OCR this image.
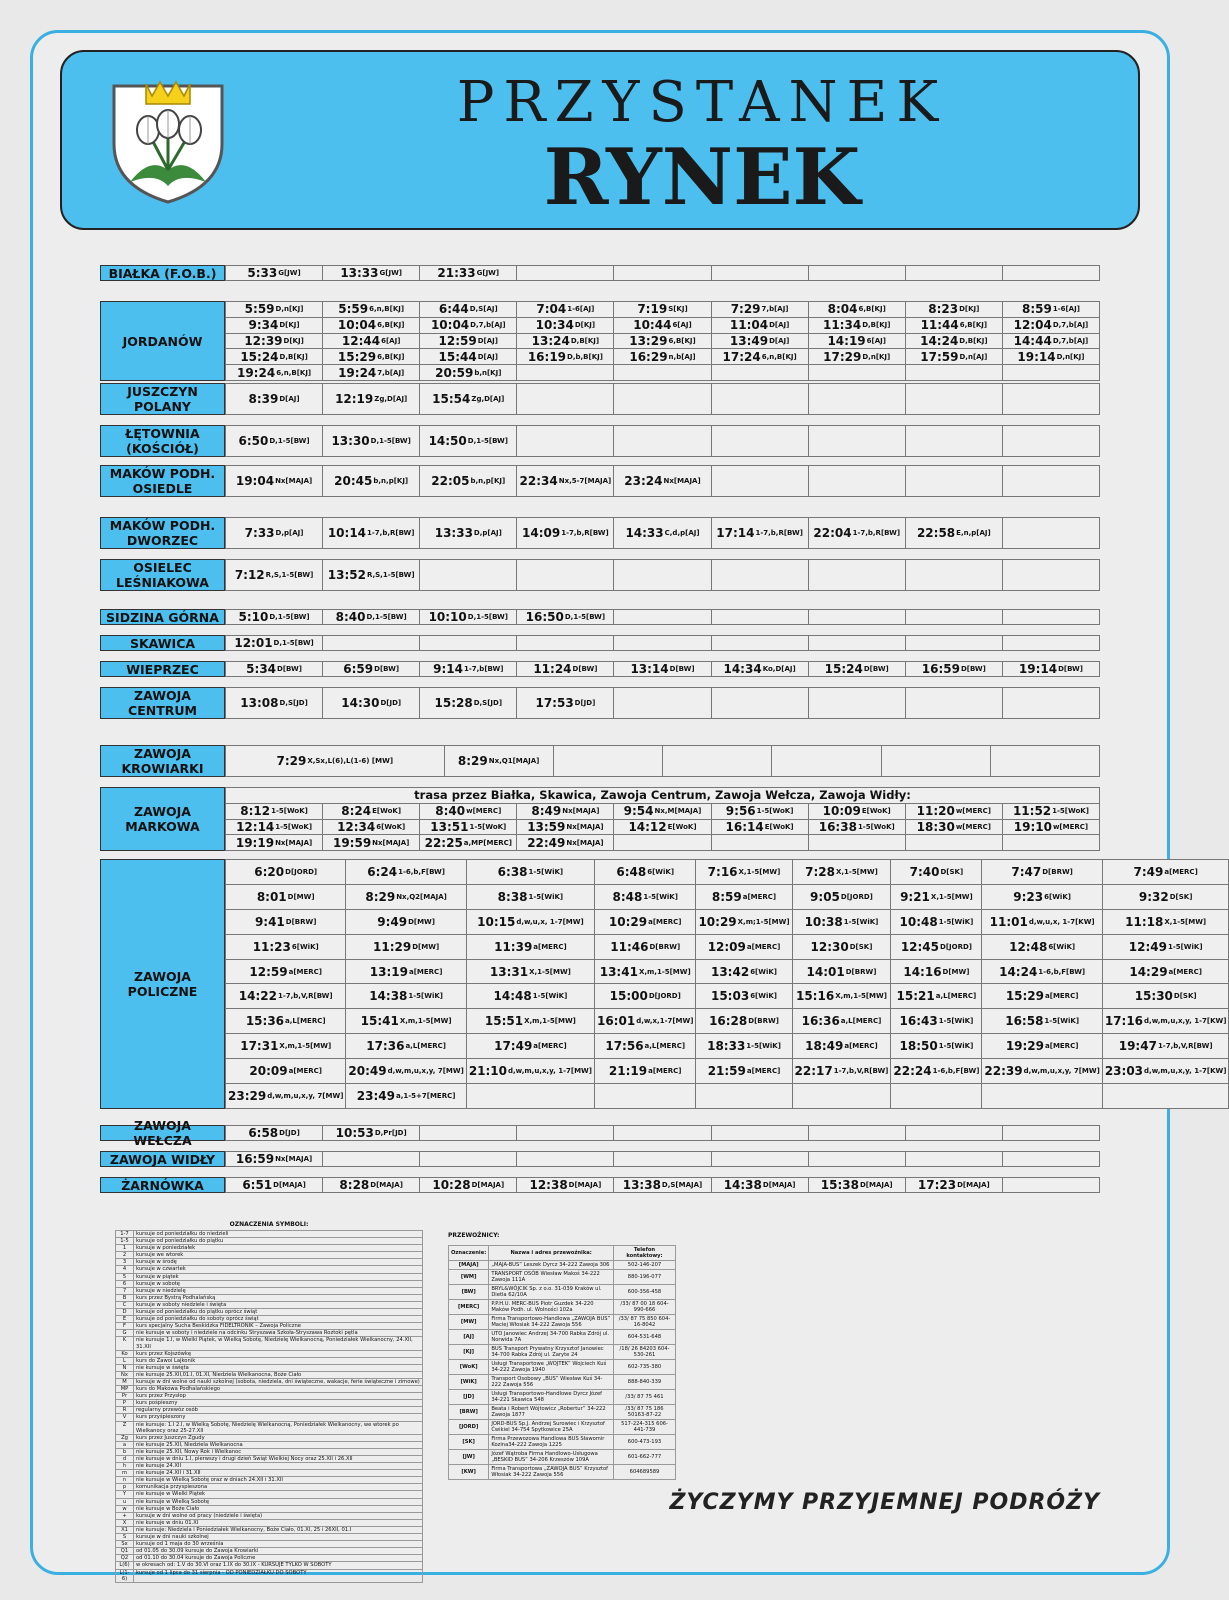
PRZYSTANEK
RYNEK
BIAŁKA (F.O.B.)	5:33 G[JW]	13:33 G[JW]	21:33 G[JW]
JORDANÓW
5:59 D,n[KJ]	5:59 6,n,B[KJ]	6:44 D,S[AJ]	7:04 1-6[AJ]	7:19 S[KJ]	7:29 7,b[AJ]	8:04 6,B[KJ]	8:23 D[KJ]	8:59 1-6[AJ]
9:34 D[KJ]	10:04 6,B[KJ] 10:04 D,7,b[AJ]	10:34 D[KJ]	10:44 6[AJ]	11:04 D[AJ]	11:34 D,B[KJ]	11:44 6,B[KJ] 12:04 D,7,b[AJ]
12:39 D[KJ]	12:44 6[AJ]	12:59 D[AJ]	13:24 D,B[KJ]	13:29 6,B[KJ]	13:49 D[AJ]	14:19 6[AJ]	14:24 D,B[KJ] 14:44 D,7,b[AJ]
15:24 D,B[KJ]	15:29 6,B[KJ]	15:44 D[AJ] 16:19 D,b,B[KJ] 16:29 n,b[AJ] 17:24 6,n,B[KJ] 17:29 D,n[KJ]	17:59 D,n[AJ]	19:14 D,n[KJ]
19:24 6,n,B[KJ] 19:24 7,b[AJ]	20:59 b,n[KJ]
JUSZCZYN POLANY	8:39 D[AJ]	12:19 Zg,D[AJ] 15:54 Zg,D[AJ]
ŁĘTOWNIA (KOŚCIÓŁ)	6:50 D,1-5[BW] 13:30 D,1-5[BW] 14:50 D,1-5[BW]
MAKÓW PODH. OSIEDLE	19:04 Nx[MAJA] 20:45 b,n,p[KJ] 22:05 b,n,p[KJ] 22:34 Nx,5-7[MAJA] 23:24 Nx[MAJA]
MAKÓW PODH. DWORZEC	7:33 D,p[AJ] 10:14 1-7,b,R[BW] 13:33 D,p[AJ] 14:09 1-7,b,R[BW] 14:33 C,d,p[AJ] 17:14 1-7,b,R[BW] 22:04 1-7,b,R[BW] 22:58 E,n,p[AJ]
OSIELEC LEŚNIAKOWA	7:12 R,S,1-5[BW] 13:52 R,S,1-5[BW]
SIDZINA GÓRNA	5:10 D,1-5[BW] 8:40 D,1-5[BW] 10:10 D,1-5[BW] 16:50 D,1-5[BW]
SKAWICA	12:01 D,1-5[BW]
WIEPRZEC	5:34 D[BW]	6:59 D[BW]	9:14 1-7,b[BW] 11:24 D[BW]	13:14 D[BW] 14:34 Ko,D[AJ] 15:24 D[BW]	16:59 D[BW]	19:14 D[BW]
ZAWOJA CENTRUM	13:08 D,S[JD]	14:30 D[JD]	15:28 D,S[JD]	17:53 D[JD]
ZAWOJA KROWIARKI	7:29 X,Sx,L(6),L(1-6) [MW]	8:29 Nx,Q1[MAJA]
ZAWOJA MARKOWA
trasa przez Białka, Skawica, Zawoja Centrum, Zawoja Wełcza, Zawoja Widły:
8:12 1-5[WoK]	8:24 E[WoK]	8:40 w[MERC]	8:49 Nx[MAJA] 9:54 Nx,M[MAJA] 9:56 1-5[WoK] 10:09 E[WoK] 11:20 w[MERC] 11:52 1-5[WoK]
12:14 1-5[WoK] 12:34 6[WoK] 13:51 1-5[WoK] 13:59 Nx[MAJA] 14:12 E[WoK] 16:14 E[WoK] 16:38 1-5[WoK] 18:30 w[MERC] 19:10 w[MERC]
19:19 Nx[MAJA] 19:59 Nx[MAJA] 22:25 a,MP[MERC] 22:49 Nx[MAJA]
ZAWOJA POLICZNE
6:20 D[JORD]	6:24 1-6,b,F[BW]	6:38 1-5[WiK]	6:48 6[WiK]	7:16 X,1-5[MW] 7:28 X,1-5[MW]	7:40 D[SK]	7:47 D[BRW]	7:49 a[MERC]
8:01 D[MW]	8:29 Nx,Q2[MAJA]	8:38 1-5[WiK]	8:48 1-5[WiK]	8:59 a[MERC]	9:05 D[JORD] 9:21 X,1-5[MW]	9:23 6[WiK]	9:32 D[SK]
9:41 D[BRW]	9:49 D[MW]	10:15 d,w,u,x, 1-7[MW] 10:29 a[MERC] 10:29 X,m;1-5[MW] 10:38 1-5[WiK] 10:48 1-5[WiK] 11:01 d,w,u,x, 1-7[KW]	11:18 X,1-5[MW]
11:23 6[WiK]	11:29 D[MW]	11:39 a[MERC]	11:46 D[BRW] 12:09 a[MERC]	12:30 D[SK] 12:45 D[JORD]	12:48 6[WiK]	12:49 1-5[WiK]
12:59 a[MERC]	13:19 a[MERC]	13:31 X,1-5[MW] 13:41 X,m,1-5[MW] 13:42 6[WiK] 14:01 D[BRW] 14:16 D[MW] 14:24 1-6,b,F[BW]	14:29 a[MERC]
14:22 1-7,b,V,R[BW]	14:38 1-5[WiK]	14:48 1-5[WiK]	15:00 D[JORD]	15:03 6[WiK] 15:16 X,m,1-5[MW] 15:21 a,L[MERC] 15:29 a[MERC]	15:30 D[SK]
15:36 a,L[MERC]	15:41 X,m,1-5[MW]	15:51 X,m,1-5[MW] 16:01 d,w,x,1-7[MW] 16:28 D[BRW] 16:36 a,L[MERC] 16:43 1-5[WiK]	16:58 1-5[WiK] 17:16 d,w,m,u,x,y, 1-7[KW]
17:31 X,m,1-5[MW]	17:36 a,L[MERC]	17:49 a[MERC]	17:56 a,L[MERC] 18:33 1-5[WiK] 18:49 a[MERC] 18:50 1-5[WiK]	19:29 a[MERC]	19:47 1-7,b,V,R[BW]
20:09 a[MERC] 20:49 d,w,m,u,x,y, 7[MW] 21:10 d,w,m,u,x,y, 1-7[MW] 21:19 a[MERC] 21:59 a[MERC] 22:17 1-7,b,V,R[BW] 22:24 1-6,b,F[BW] 22:39 d,w,m,u,x,y, 7[MW] 23:03 d,w,m,u,x,y, 1-7[KW]
23:29 d,w,m,u,x,y, 7[MW] 23:49 a,1-5+7[MERC]
ZAWOJA WEŁCZA	6:58 D[JD]	10:53 D,Pr[JD]
ZAWOJA WIDŁY	16:59 Nx[MAJA]
ŻARNÓWKA	6:51 D[MAJA]	8:28 D[MAJA] 10:28 D[MAJA] 12:38 D[MAJA] 13:38 D,S[MAJA] 14:38 D[MAJA] 15:38 D[MAJA] 17:23 D[MAJA]
OZNACZENIA SYMBOLI:
1-7	kursuje od poniedziałku do niedzieli
1-5	kursuje od poniedziałku do piątku
1	kursuje w poniedziałek
2	kursuje we wtorek
3	kursuje w środę
4	kursuje w czwartek
5	kursuje w piątek
6	kursuje w sobotę
7	kursuje w niedzielę
B	kurs przez Bystrą Podhalańską
C	kursuje w soboty niedziele i święta
D	kursuje od poniedziałku do piątku oprócz świąt
E	kursuje od poniedziałku do soboty oprócz świąt
F	kurs specjalny Sucha Beskidzka FIDELTRONIK – Zawoja Policzne
G	nie kursuje w soboty i niedziele na odcinku Stryszawa Szkoła-Stryszawa Roztoki pętla
K	nie kursuje 1.I, w Wielki Piątek, w Wielką Sobotę, Niedzielę Wielkanocną, Poniedziałek Wielkanocny, 24.XII, 31.XII
Ko	kurs przez Kojszówkę
L	kurs do Zawoi Lajkonik
N	nie kursuje w święta
Nx	nie kursuje 25.XII,01.I, 01.XI, Niedziela Wielkanocna, Boże Ciało
M	kursuje w dni wolne od nauki szkolnej (sobota, niedziela, dni świąteczne, wakacje, ferie świąteczne i zimowe)
MP	kurs do Makowa Podhalańskiego
Pr	kurs przez Przysłop
P	kurs pośpieszny
R	regularny przewóz osób
V	kurs przyśpieszony
Z	nie kursuje: 1.I 2.I, w Wielką Sobotę, Niedzielę Wielkanocną, Poniedziałek Wielkanocny, we wtorek po Wielkanocy oraz 25-27.XII
Zg	kurs przez Juszczyn Zgudy
a	nie kursuje 25.XII, Niedziela Wielkanocna
b	nie kursuje 25.XII, Nowy Rok i Wielkanoc
d	nie kursuje w dniu 1.I, pierwszy i drugi dzień Świąt Wielkiej Nocy oraz 25.XII i 26.XII
h	nie kursuje 24.XII
m	nie kursuje 24.XII i 31.XII
n	nie kursuje w Wielką Sobotę oraz w dniach 24.XII i 31.XII
p	komunikacja przyspieszona
Y	nie kursuje w Wielki Piątek
u	nie kursuje w Wielką Sobotę
w	nie kursuje w Boże Ciało
+	kursuje w dni wolne od pracy (niedziele i święta)
X	nie kursuje w dniu 01.XI
X1	nie kursuje: Niedziela i Poniedziałek Wielkanocny, Boże Ciało, 01.XI, 25 i 26XII, 01.I
S	kursuje w dni nauki szkolnej
Sx	kursuje od 1 maja do 30 września
Q1	od 01.05 do 30.09 kursuje do Zawoja Krowiarki
Q2	od 01.10 do 30.04 kursuje do Zawoja Policzne
L(6)	w okresach od: 1.V do 30.VI oraz 1.IX do 30.IX - KURSUJE TYLKO W SOBOTY
L(1-6)	kursuje od 1 lipca do 31 sierpnia - OD PONIEDZIAŁKU DO SOBOTY
PRZEWOŹNICY:
Oznaczenie:	Nazwa i adres przewoźnika:	Telefon kontaktowy:
[MAJA]	„MAJA-BUS” Leszek Dyrcz 34-222 Zawoja 306	502-146-207
[WM]	TRANSPORT OSÓB Wiesław Makoś 34-222 Zawoja 111A	880-196-077
[BW]	BRYL&WÓJCIK Sp. z o.o. 31-039 Kraków ul. Dietla 62/10A	600-356-458
[MERC]	P.P.H.U. MERC-BUS Piotr Guzdek 34-220 Maków Podh. ul. Wolności 102a	/33/ 87 00 18 604-990-666
[MW]	Firma Transportowo-Handlowa „ZAWOJA BUS” Maciej Włosiak 34-222 Zawoja 556	/33/ 87 75 850 604-16-8042
[AJ]	UTO Janowiec Andrzej 34-700 Rabka Zdrój ul. Norwida 7A	604-531-648
[KJ]	BUS Transport Prywatny Krzysztof Janowiec 34-700 Rabka Zdrój ul. Zaryte 24	/18/ 26 84203 604-530-261
[WoK]	Usługi Transportowe „WOJTEK” Wojciech Kuś 34-222 Zawoja 1940	602-735-380
[WiK]	Transport Osobowy „BUS” Wiesław Kuś 34-222 Zawoja 556	888-840-339
[JD]	Usługi Transportowo-Handlowe Dyrcz Józef 34-221 Skawica 548	/33/ 87 75 461
[BRW]	Beata i Robert Wójtowicz „Robertur” 34-222 Zawoja 1877	/33/ 87 75 186 50163-87-22
[JORD]	JORD-BUS Sp.J. Andrzej Surowiec i Krzysztof Ćwikiel 34-754 Spytkowice 25A	517-224-315 606-441-739
[SK]	Firma Przewozowa Handlowa BUS Sławomir Kozina34-222 Zawoja 1225	600-473-193
[JW]	Józef Wątroba Firma Handlowo-Usługowa „BESKID BUS” 34-206 Krzeszów 109A	601-662-777
[KW]	Firma Transportowa „ZAWOJA BUS” Krzysztof Włosiak 34-222 Zawoja 556	604689589
ŻYCZYMY PRZYJEMNEJ PODRÓŻY
